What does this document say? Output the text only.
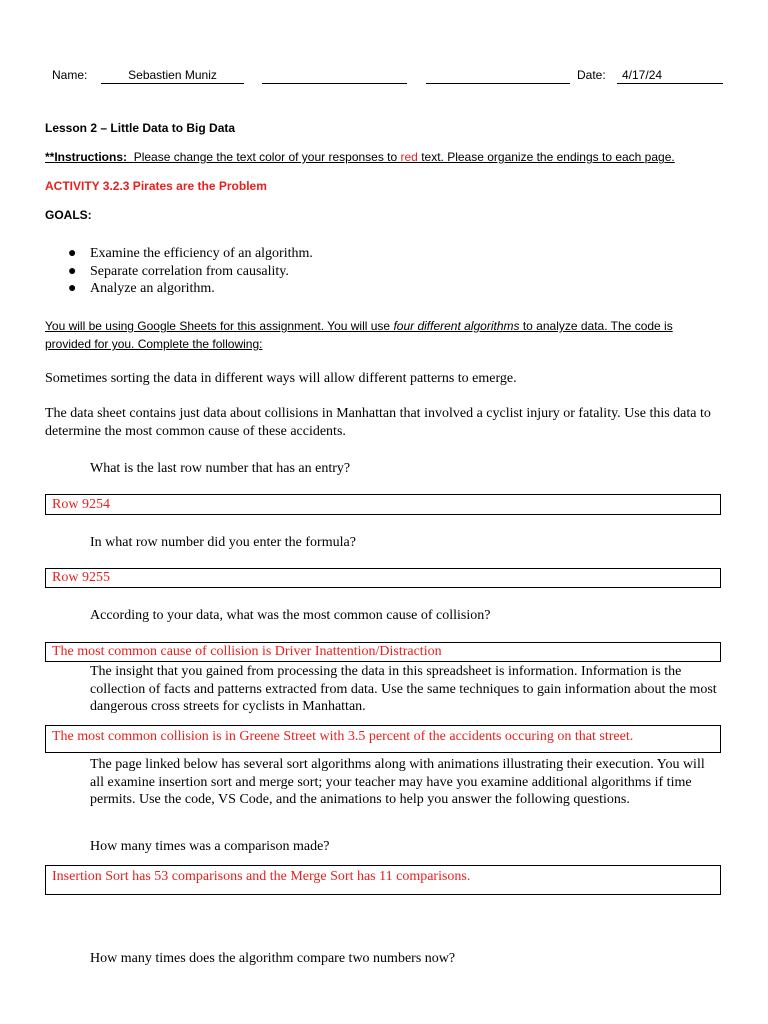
Name:	Sebastien Muniz	Date: 4/17/24
Lesson 2 – Little Data to Big Data
**Instructions: Please change the text color of your responses to red text. Please organize the endings to each page.
ACTIVITY 3.2.3 Pirates are the Problem
GOALS:
● Examine the efficiency of an algorithm.
● Separate correlation from causality.
● Analyze an algorithm.
You will be using Google Sheets for this assignment. You will use four different algorithms to analyze data. The code is provided for you. Complete the following:
Sometimes sorting the data in different ways will allow different patterns to emerge.
The data sheet contains just data about collisions in Manhattan that involved a cyclist injury or fatality. Use this data to determine the most common cause of these accidents.
What is the last row number that has an entry?
Row 9254
In what row number did you enter the formula?
Row 9255
According to your data, what was the most common cause of collision?
The most common cause of collision is Driver Inattention/Distraction
The insight that you gained from processing the data in this spreadsheet is information. Information is the collection of facts and patterns extracted from data. Use the same techniques to gain information about the most dangerous cross streets for cyclists in Manhattan.
The most common collision is in Greene Street with 3.5 percent of the accidents occuring on that street.
The page linked below has several sort algorithms along with animations illustrating their execution. You will all examine insertion sort and merge sort; your teacher may have you examine additional algorithms if time permits. Use the code, VS Code, and the animations to help you answer the following questions.
How many times was a comparison made?
Insertion Sort has 53 comparisons and the Merge Sort has 11 comparisons.
How many times does the algorithm compare two numbers now?
